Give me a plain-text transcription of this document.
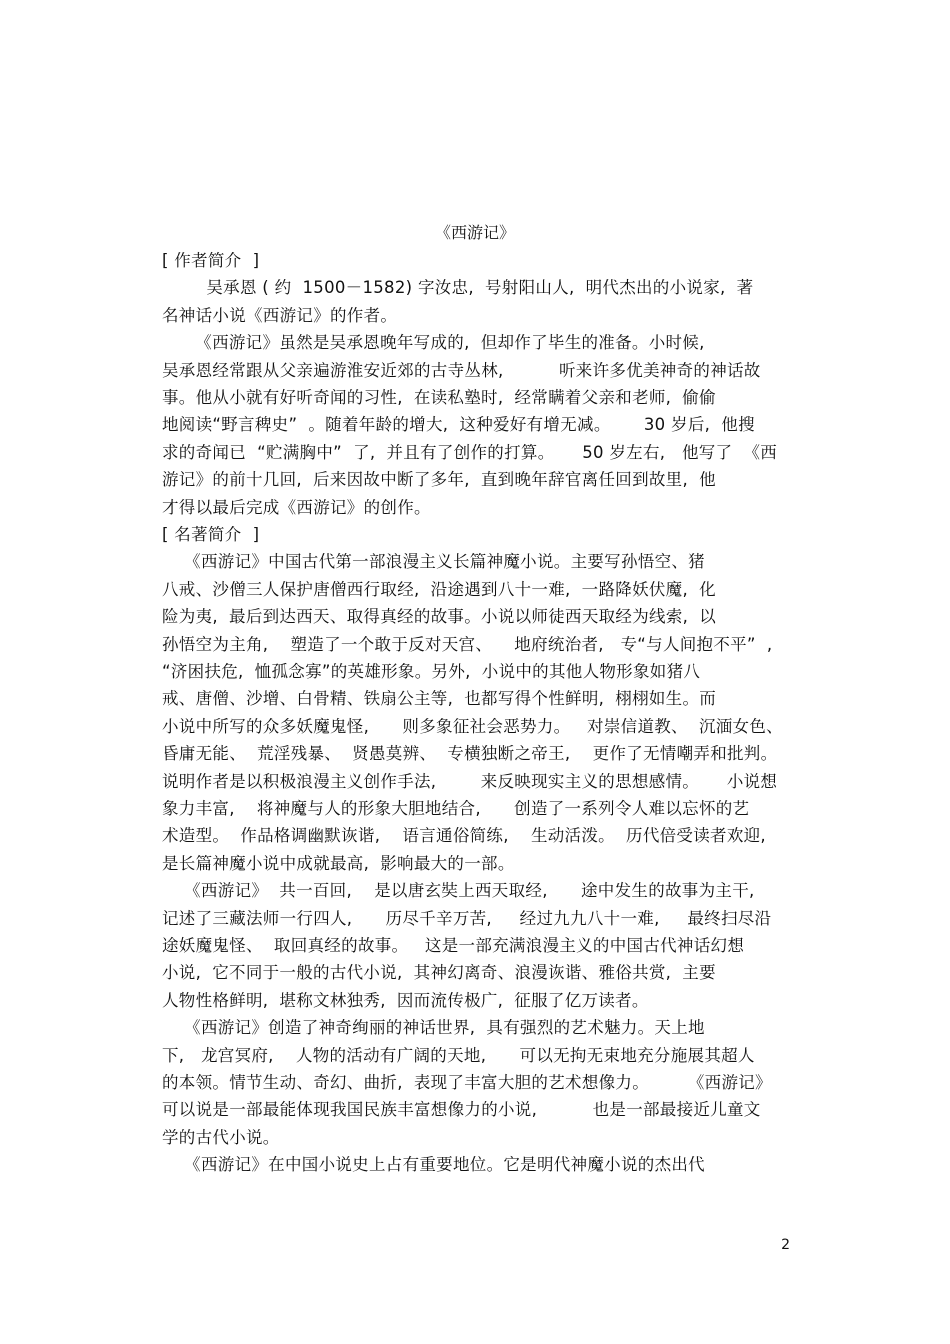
《西游记》
[ 作者简介  ]
吴承恩 ( 约  1500－1582) 字汝忠,  号射阳山人,  明代杰出的小说家,  著
名神话小说《西游记》的作者。
《西游记》虽然是吴承恩晚年写成的,  但却作了毕生的准备。小时候,
吴承恩经常跟从父亲遍游淮安近郊的古寺丛林,          听来许多优美神奇的神话故
事。他从小就有好听奇闻的习性,  在读私塾时,  经常瞒着父亲和老师,  偷偷
地阅读“野言稗史”  。随着年龄的增大,  这种爱好有增无减。      30 岁后,  他搜
求的奇闻已  “贮满胸中”  了,  并且有了创作的打算。     50 岁左右,   他写了  《西
游记》的前十几回,  后来因故中断了多年,  直到晚年辞官离任回到故里,  他
才得以最后完成《西游记》的创作。
[ 名著简介  ]
《西游记》中国古代第一部浪漫主义长篇神魔小说。主要写孙悟空、猪
八戒、沙僧三人保护唐僧西行取经,  沿途遇到八十一难,  一路降妖伏魔,  化
险为夷,  最后到达西天、取得真经的故事。小说以师徒西天取经为线索,  以
孙悟空为主角,    塑造了一个敢于反对天宫、    地府统治者,   专“与人间抱不平”  ,
“济困扶危,  恤孤念寡”的英雄形象。另外,  小说中的其他人物形象如猪八
戒、唐僧、沙增、白骨精、铁扇公主等,  也都写得个性鲜明,  栩栩如生。而
小说中所写的众多妖魔鬼怪,      则多象征社会恶势力。   对崇信道教、  沉湎女色、
昏庸无能、  荒淫残暴、  贤愚莫辨、  专横独断之帝王,    更作了无情嘲弄和批判。
说明作者是以积极浪漫主义创作手法,        来反映现实主义的思想感情。     小说想
象力丰富,    将神魔与人的形象大胆地结合,      创造了一系列令人难以忘怀的艺
术造型。  作品格调幽默诙谐,    语言通俗简练,    生动活泼。  历代倍受读者欢迎,
是长篇神魔小说中成就最高,  影响最大的一部。
《西游记》  共一百回,    是以唐玄奘上西天取经,      途中发生的故事为主干,
记述了三藏法师一行四人,      历尽千辛万苦,     经过九九八十一难,     最终扫尽沿
途妖魔鬼怪、  取回真经的故事。   这是一部充满浪漫主义的中国古代神话幻想
小说,  它不同于一般的古代小说,  其神幻离奇、浪漫诙谐、雅俗共赏,  主要
人物性格鲜明,  堪称文林独秀,  因而流传极广,  征服了亿万读者。
《西游记》创造了神奇绚丽的神话世界,  具有强烈的艺术魅力。天上地
下,   龙宫冥府,    人物的活动有广阔的天地,      可以无拘无束地充分施展其超人
的本领。情节生动、奇幻、曲折,  表现了丰富大胆的艺术想像力。       《西游记》
可以说是一部最能体现我国民族丰富想像力的小说,          也是一部最接近儿童文
学的古代小说。
《西游记》在中国小说史上占有重要地位。它是明代神魔小说的杰出代
2
